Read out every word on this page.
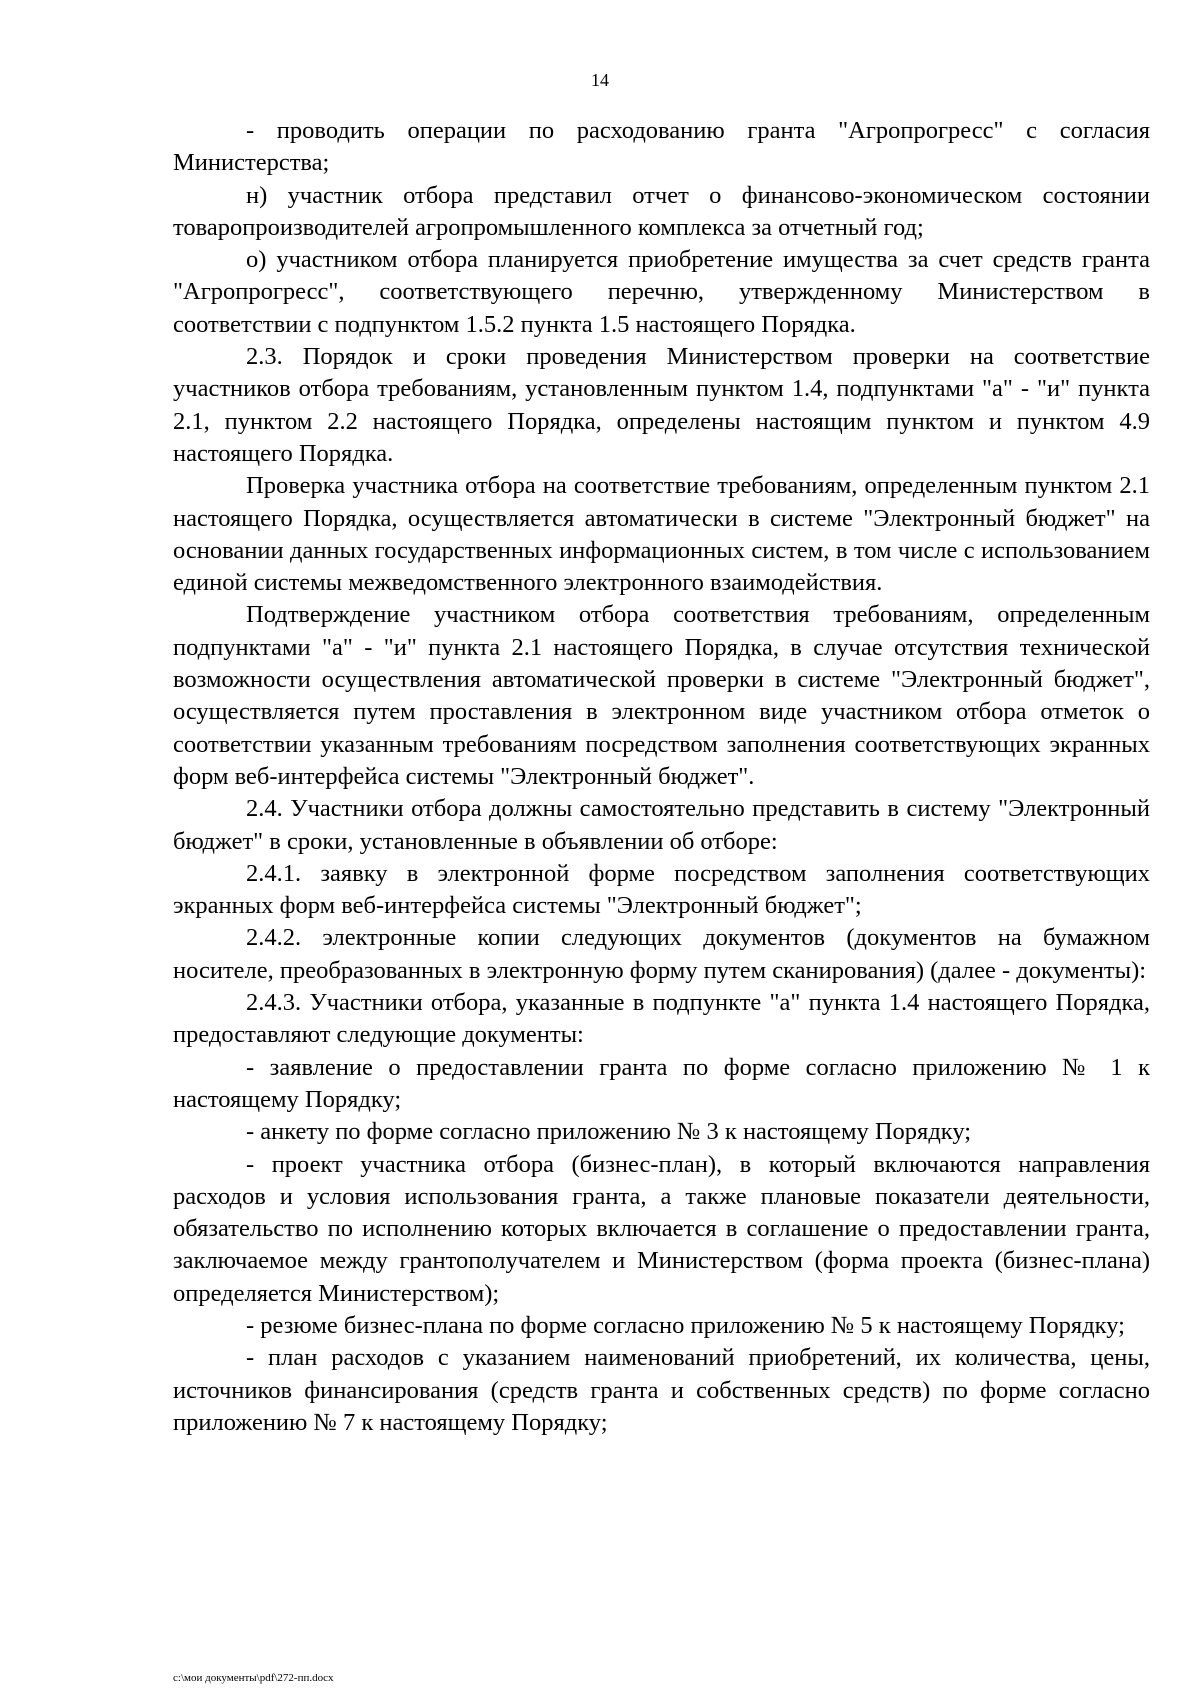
14

- проводить операции по расходованию гранта "Агропрогресс" с согласия Министерства;

н) участник отбора представил отчет о финансово-экономическом состоянии товаропроизводителей агропромышленного комплекса за отчетный год;

о) участником отбора планируется приобретение имущества за счет средств гранта "Агропрогресс", соответствующего перечню, утвержденному Министерством в соответствии с подпунктом 1.5.2 пункта 1.5 настоящего Порядка.

2.3. Порядок и сроки проведения Министерством проверки на соответствие участников отбора требованиям, установленным пунктом 1.4, подпунктами "а" - "и" пункта 2.1, пунктом 2.2 настоящего Порядка, определены настоящим пунктом и пунктом 4.9 настоящего Порядка.

Проверка участника отбора на соответствие требованиям, определенным пунктом 2.1 настоящего Порядка, осуществляется автоматически в системе "Электронный бюджет" на основании данных государственных информационных систем, в том числе с использованием единой системы межведомственного электронного взаимодействия.

Подтверждение участником отбора соответствия требованиям, определенным подпунктами "а" - "и" пункта 2.1 настоящего Порядка, в случае отсутствия технической возможности осуществления автоматической проверки в системе "Электронный бюджет", осуществляется путем проставления в электронном виде участником отбора отметок о соответствии указанным требованиям посредством заполнения соответствующих экранных форм веб-интерфейса системы "Электронный бюджет".

2.4. Участники отбора должны самостоятельно представить в систему "Электронный бюджет" в сроки, установленные в объявлении об отборе:

2.4.1. заявку в электронной форме посредством заполнения соответствующих экранных форм веб-интерфейса системы "Электронный бюджет";

2.4.2. электронные копии следующих документов (документов на бумажном носителе, преобразованных в электронную форму путем сканирования) (далее - документы):

2.4.3. Участники отбора, указанные в подпункте "а" пункта 1.4 настоящего Порядка, предоставляют следующие документы:

- заявление о предоставлении гранта по форме согласно приложению № 1 к настоящему Порядку;

- анкету по форме согласно приложению № 3 к настоящему Порядку;

- проект участника отбора (бизнес-план), в который включаются направления расходов и условия использования гранта, а также плановые показатели деятельности, обязательство по исполнению которых включается в соглашение о предоставлении гранта, заключаемое между грантополучателем и Министерством (форма проекта (бизнес-плана) определяется Министерством);

- резюме бизнес-плана по форме согласно приложению № 5 к настоящему Порядку;

- план расходов с указанием наименований приобретений, их количества, цены, источников финансирования (средств гранта и собственных средств) по форме согласно приложению № 7 к настоящему Порядку;

c:\мои документы\pdf\272-пп.docx
